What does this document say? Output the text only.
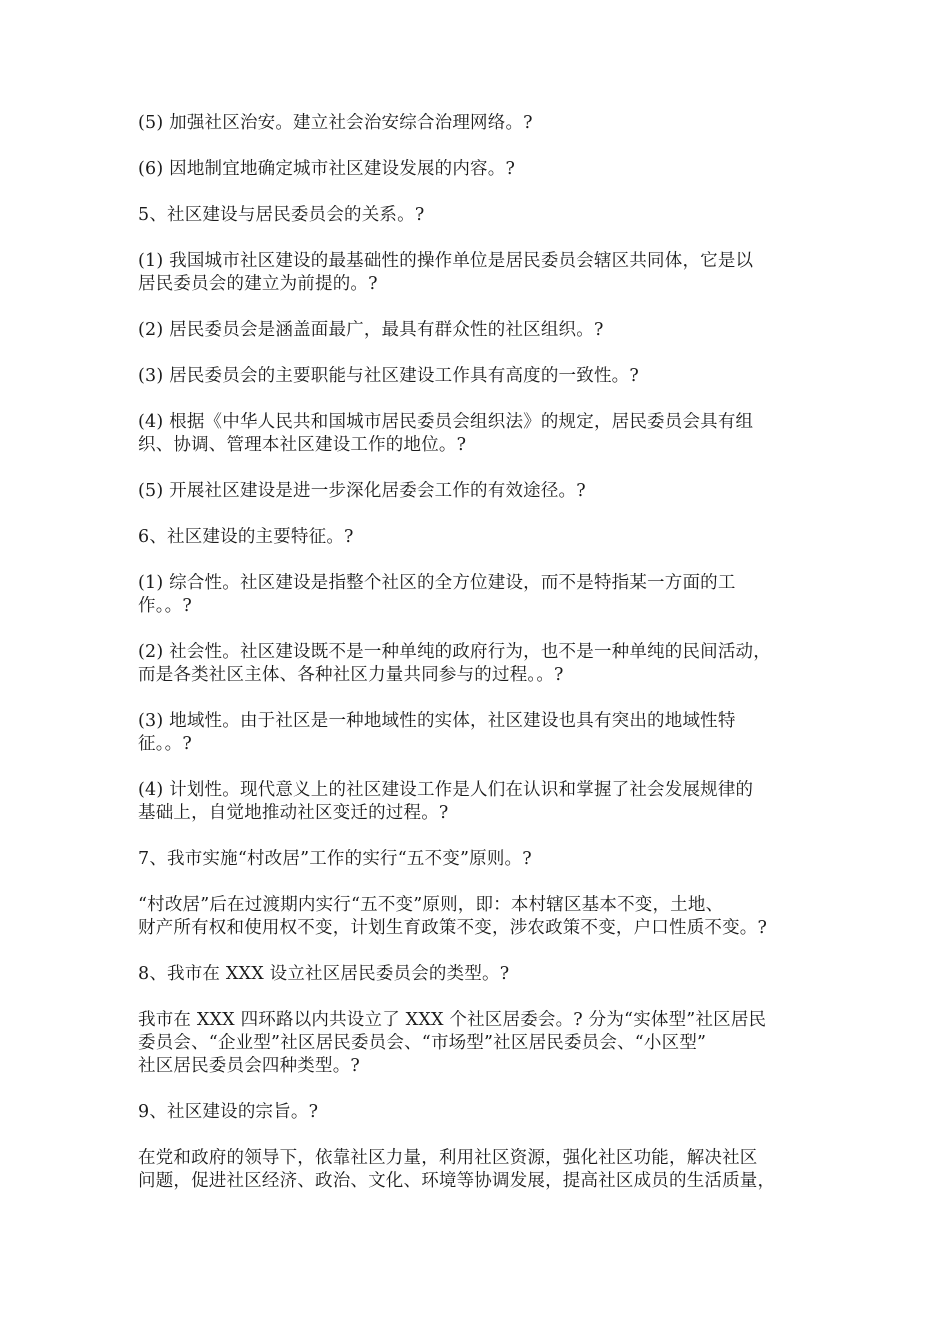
(5) 加强社区治安。建立社会治安综合治理网络。?

(6) 因地制宜地确定城市社区建设发展的内容。?

5、社区建设与居民委员会的关系。?

(1) 我国城市社区建设的最基础性的操作单位是居民委员会辖区共同体，它是以
居民委员会的建立为前提的。?

(2) 居民委员会是涵盖面最广，最具有群众性的社区组织。?

(3) 居民委员会的主要职能与社区建设工作具有高度的一致性。?

(4) 根据《中华人民共和国城市居民委员会组织法》的规定，居民委员会具有组
织、协调、管理本社区建设工作的地位。?

(5) 开展社区建设是进一步深化居委会工作的有效途径。?

6、社区建设的主要特征。?

(1) 综合性。社区建设是指整个社区的全方位建设，而不是特指某一方面的工
作。。?

(2) 社会性。社区建设既不是一种单纯的政府行为，也不是一种单纯的民间活动，
而是各类社区主体、各种社区力量共同参与的过程。。?

(3) 地域性。由于社区是一种地域性的实体，社区建设也具有突出的地域性特
征。。?

(4) 计划性。现代意义上的社区建设工作是人们在认识和掌握了社会发展规律的
基础上，自觉地推动社区变迁的过程。?

7、我市实施“村改居”工作的实行“五不变”原则。?

“村改居”后在过渡期内实行“五不变”原则，即：本村辖区基本不变，土地、
财产所有权和使用权不变，计划生育政策不变，涉农政策不变，户口性质不变。?

8、我市在 XXX 设立社区居民委员会的类型。?

我市在 XXX 四环路以内共设立了 XXX 个社区居委会。? 分为“实体型”社区居民
委员会、“企业型”社区居民委员会、“市场型”社区居民委员会、“小区型”
社区居民委员会四种类型。?

9、社区建设的宗旨。?

在党和政府的领导下，依靠社区力量，利用社区资源，强化社区功能，解决社区
问题，促进社区经济、政治、文化、环境等协调发展，提高社区成员的生活质量，
